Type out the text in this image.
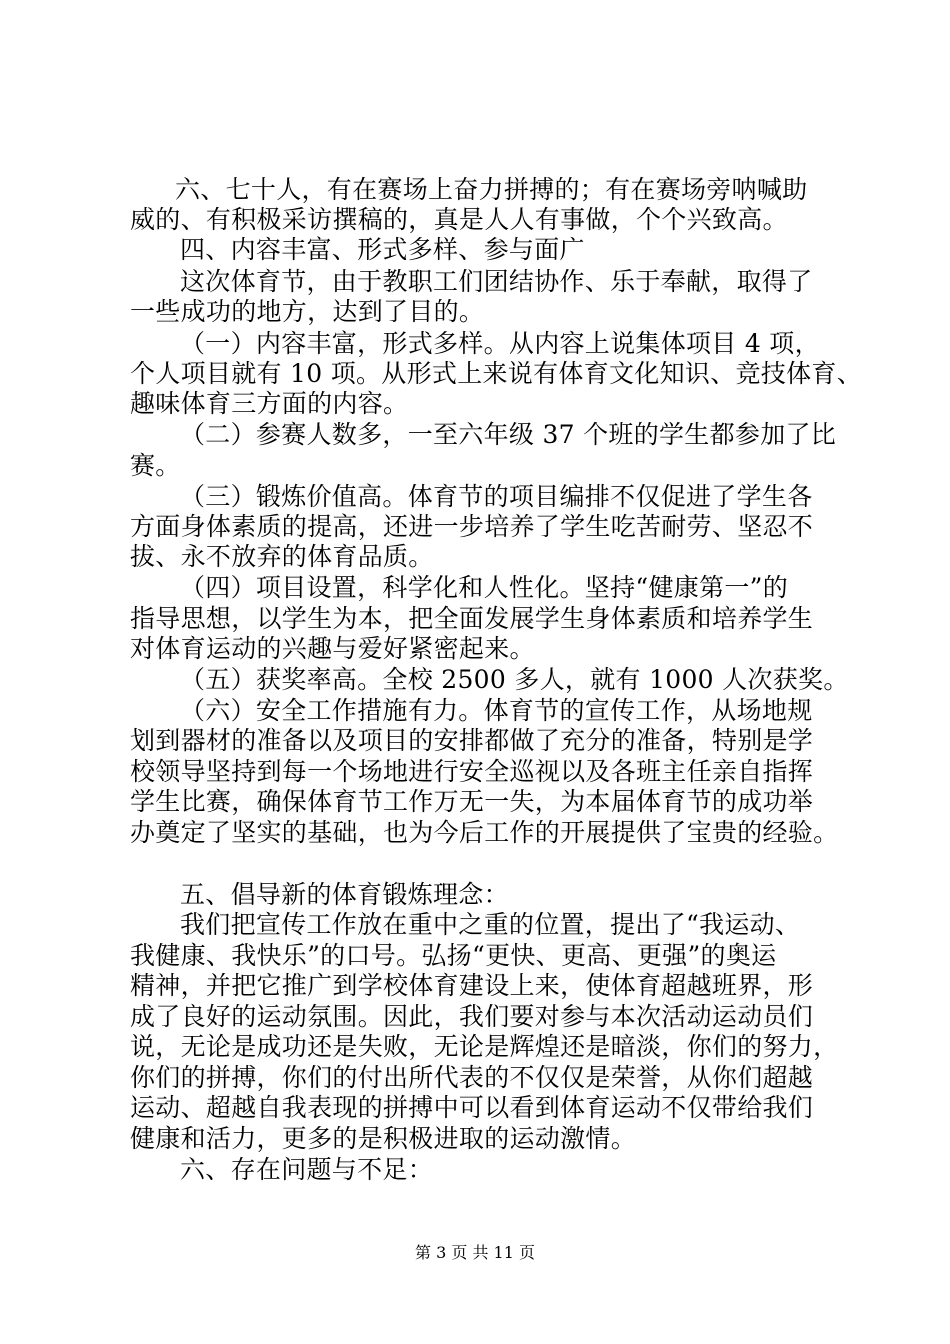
六、七十人，有在赛场上奋力拼搏的；有在赛场旁呐喊助
威的、有积极采访撰稿的，真是人人有事做，个个兴致高。
四、内容丰富、形式多样、参与面广
这次体育节，由于教职工们团结协作、乐于奉献，取得了
一些成功的地方，达到了目的。
（一）内容丰富，形式多样。从内容上说集体项目 4 项，
个人项目就有 10 项。从形式上来说有体育文化知识、竞技体育、
趣味体育三方面的内容。
（二）参赛人数多，一至六年级 37 个班的学生都参加了比
赛。
（三）锻炼价值高。体育节的项目编排不仅促进了学生各
方面身体素质的提高，还进一步培养了学生吃苦耐劳、坚忍不
拔、永不放弃的体育品质。
（四）项目设置，科学化和人性化。坚持“健康第一”的
指导思想，以学生为本，把全面发展学生身体素质和培养学生
对体育运动的兴趣与爱好紧密起来。
（五）获奖率高。全校 2500 多人，就有 1000 人次获奖。
（六）安全工作措施有力。体育节的宣传工作，从场地规
划到器材的准备以及项目的安排都做了充分的准备，特别是学
校领导坚持到每一个场地进行安全巡视以及各班主任亲自指挥
学生比赛，确保体育节工作万无一失，为本届体育节的成功举
办奠定了坚实的基础，也为今后工作的开展提供了宝贵的经验。
五、倡导新的体育锻炼理念：
我们把宣传工作放在重中之重的位置，提出了“我运动、
我健康、我快乐”的口号。弘扬“更快、更高、更强”的奥运
精神，并把它推广到学校体育建设上来，使体育超越班界，形
成了良好的运动氛围。因此，我们要对参与本次活动运动员们
说，无论是成功还是失败，无论是辉煌还是暗淡，你们的努力，
你们的拼搏，你们的付出所代表的不仅仅是荣誉，从你们超越
运动、超越自我表现的拼搏中可以看到体育运动不仅带给我们
健康和活力，更多的是积极进取的运动激情。
六、存在问题与不足：
第 3 页 共 11 页
